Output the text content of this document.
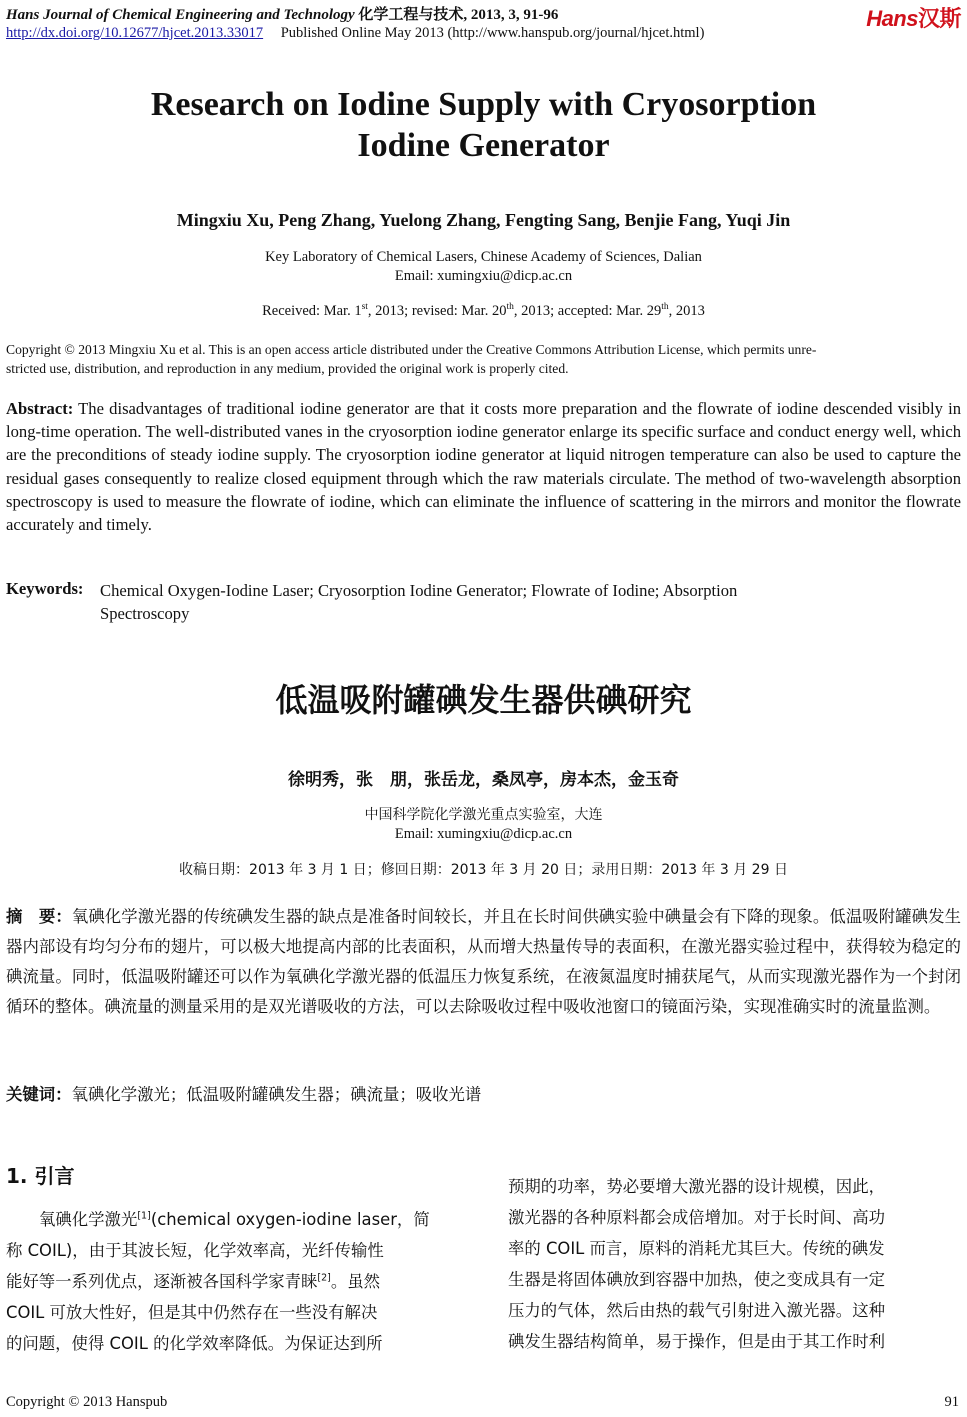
Hans Journal of Chemical Engineering and Technology 化学工程与技术, 2013, 3, 91-96	Hans汉斯
http://dx.doi.org/10.12677/hjcet.2013.33017 Published Online May 2013 (http://www.hanspub.org/journal/hjcet.html)
Research on Iodine Supply with Cryosorption
Iodine Generator
Mingxiu Xu, Peng Zhang, Yuelong Zhang, Fengting Sang, Benjie Fang, Yuqi Jin
Key Laboratory of Chemical Lasers, Chinese Academy of Sciences, Dalian
Email: xumingxiu@dicp.ac.cn
Received: Mar. 1st, 2013; revised: Mar. 20th, 2013; accepted: Mar. 29th, 2013
Copyright © 2013 Mingxiu Xu et al. This is an open access article distributed under the Creative Commons Attribution License, which permits unre-
stricted use, distribution, and reproduction in any medium, provided the original work is properly cited.
Abstract: The disadvantages of traditional iodine generator are that it costs more preparation and the flowrate of iodine descended visibly in long-time operation. The well-distributed vanes in the cryosorption iodine generator enlarge its specific surface and conduct energy well, which are the preconditions of steady iodine supply. The cryosorption iodine generator at liquid nitrogen temperature can also be used to capture the residual gases consequently to realize closed equipment through which the raw materials circulate. The method of two-wavelength absorption spectroscopy is used to measure the flowrate of iodine, which can eliminate the influence of scattering in the mirrors and monitor the flowrate accurately and timely.
Keywords: Chemical Oxygen-Iodine Laser; Cryosorption Iodine Generator; Flowrate of Iodine; Absorption
Spectroscopy
低温吸附罐碘发生器供碘研究
徐明秀，张　朋，张岳龙，桑凤亭，房本杰，金玉奇
中国科学院化学激光重点实验室，大连
Email: xumingxiu@dicp.ac.cn
收稿日期：2013 年 3 月 1 日；修回日期：2013 年 3 月 20 日；录用日期：2013 年 3 月 29 日
摘　要：氧碘化学激光器的传统碘发生器的缺点是准备时间较长，并且在长时间供碘实验中碘量会有下降的现象。低温吸附罐碘发生器内部设有均匀分布的翅片，可以极大地提高内部的比表面积，从而增大热量传导的表面积，在激光器实验过程中，获得较为稳定的碘流量。同时，低温吸附罐还可以作为氧碘化学激光器的低温压力恢复系统，在液氮温度时捕获尾气，从而实现激光器作为一个封闭循环的整体。碘流量的测量采用的是双光谱吸收的方法，可以去除吸收过程中吸收池窗口的镜面污染，实现准确实时的流量监测。
关键词：氧碘化学激光；低温吸附罐碘发生器；碘流量；吸收光谱
1. 引言
氧碘化学激光[1](chemical oxygen-iodine laser，简
称 COIL)，由于其波长短，化学效率高，光纤传输性
能好等一系列优点，逐渐被各国科学家青睐[2]。虽然
COIL 可放大性好，但是其中仍然存在一些没有解决
的问题，使得 COIL 的化学效率降低。为保证达到所
预期的功率，势必要增大激光器的设计规模，因此，
激光器的各种原料都会成倍增加。对于长时间、高功
率的 COIL 而言，原料的消耗尤其巨大。传统的碘发
生器是将固体碘放到容器中加热，使之变成具有一定
压力的气体，然后由热的载气引射进入激光器。这种
碘发生器结构简单，易于操作，但是由于其工作时利
Copyright © 2013 Hanspub	91
